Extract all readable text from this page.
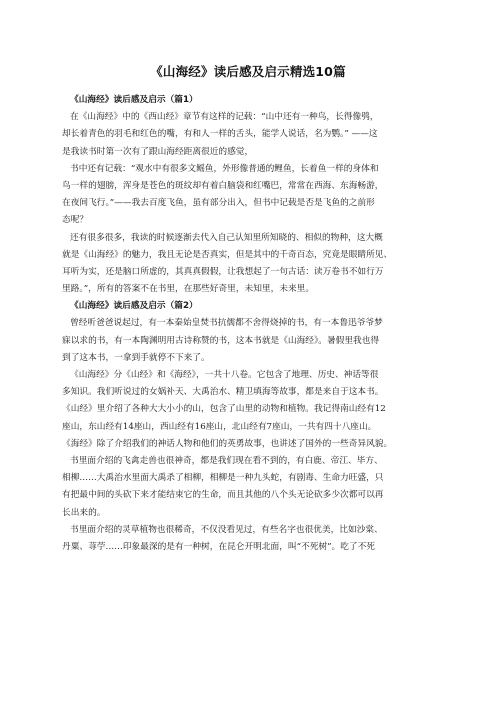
《山海经》读后感及启示精选10篇
《山海经》读后感及启示（篇1）
在《山海经》中的《西山经》章节有这样的记载：“山中还有一种鸟，长得像鸮，
却长着青色的羽毛和红色的嘴，有和人一样的舌头，能学人说话，名为鹦。” ——这
是我读书时第一次有了跟山海经距离很近的感觉，
书中还有记载：“观水中有很多文鳐鱼，外形像普通的鲤鱼，长着鱼一样的身体和
鸟一样的翅膀，浑身是苍色的斑纹却有着白脑袋和红嘴巴，常常在西海、东海畅游，
在夜间飞行。”——我去百度飞鱼，虽有部分出入，但书中记载是否是飞鱼的之前形
态呢？
还有很多很多，我读的时候逐渐去代入自己认知里所知晓的、相似的物种，这大概
就是《山海经》的魅力，我且无论是否真实，但是其中的千奇百态，究竟是眼睛所见、
耳听为实，还是脑口所虚的，其真真假假，让我想起了一句古话：读万卷书不如行万
里路。”，所有的答案不在书里，在那些好奇里，未知里，未来里。
《山海经》读后感及启示（篇2）
曾经听爸爸说起过，有一本秦始皇焚书抗儒都不舍得烧掉的书，有一本鲁迅爷爷梦
寐以求的书，有一本陶渊明用古诗称赞的书，这本书就是《山海经》。暑假里我也得
到了这本书，一拿到手就停不下来了。
《山海经》分《山经》和《海经》，一共十八卷。它包含了地理、历史、神话等很
多知识。我们听说过的女娲补天、大禹治水、精卫填海等故事，都是来自于这本书。
《山经》里介绍了各种大大小小的山，包含了山里的动物和植物。我记得南山经有12
座山，东山经有14座山，西山经有16座山，北山经有7座山，一共有四十八座山。
《海经》除了介绍我们的神话人物和他们的英勇故事，也讲述了国外的一些奇异风貌。
书里面介绍的飞禽走兽也很神奇，都是我们现在看不到的，有白鹿、帝江、毕方、
相柳……大禹治水里面大禹杀了相柳，相柳是一种九头蛇，有剧毒、生命力旺盛，只
有把最中间的头砍下来才能结束它的生命，而且其他的八个头无论砍多少次都可以再
长出来的。
书里面介绍的灵草植物也很稀奇，不仅没看见过，有些名字也很优美，比如沙棠、
丹粟、荨苧……印象最深的是有一种树，在昆仑开明北面，叫“不死树”。吃了不死
